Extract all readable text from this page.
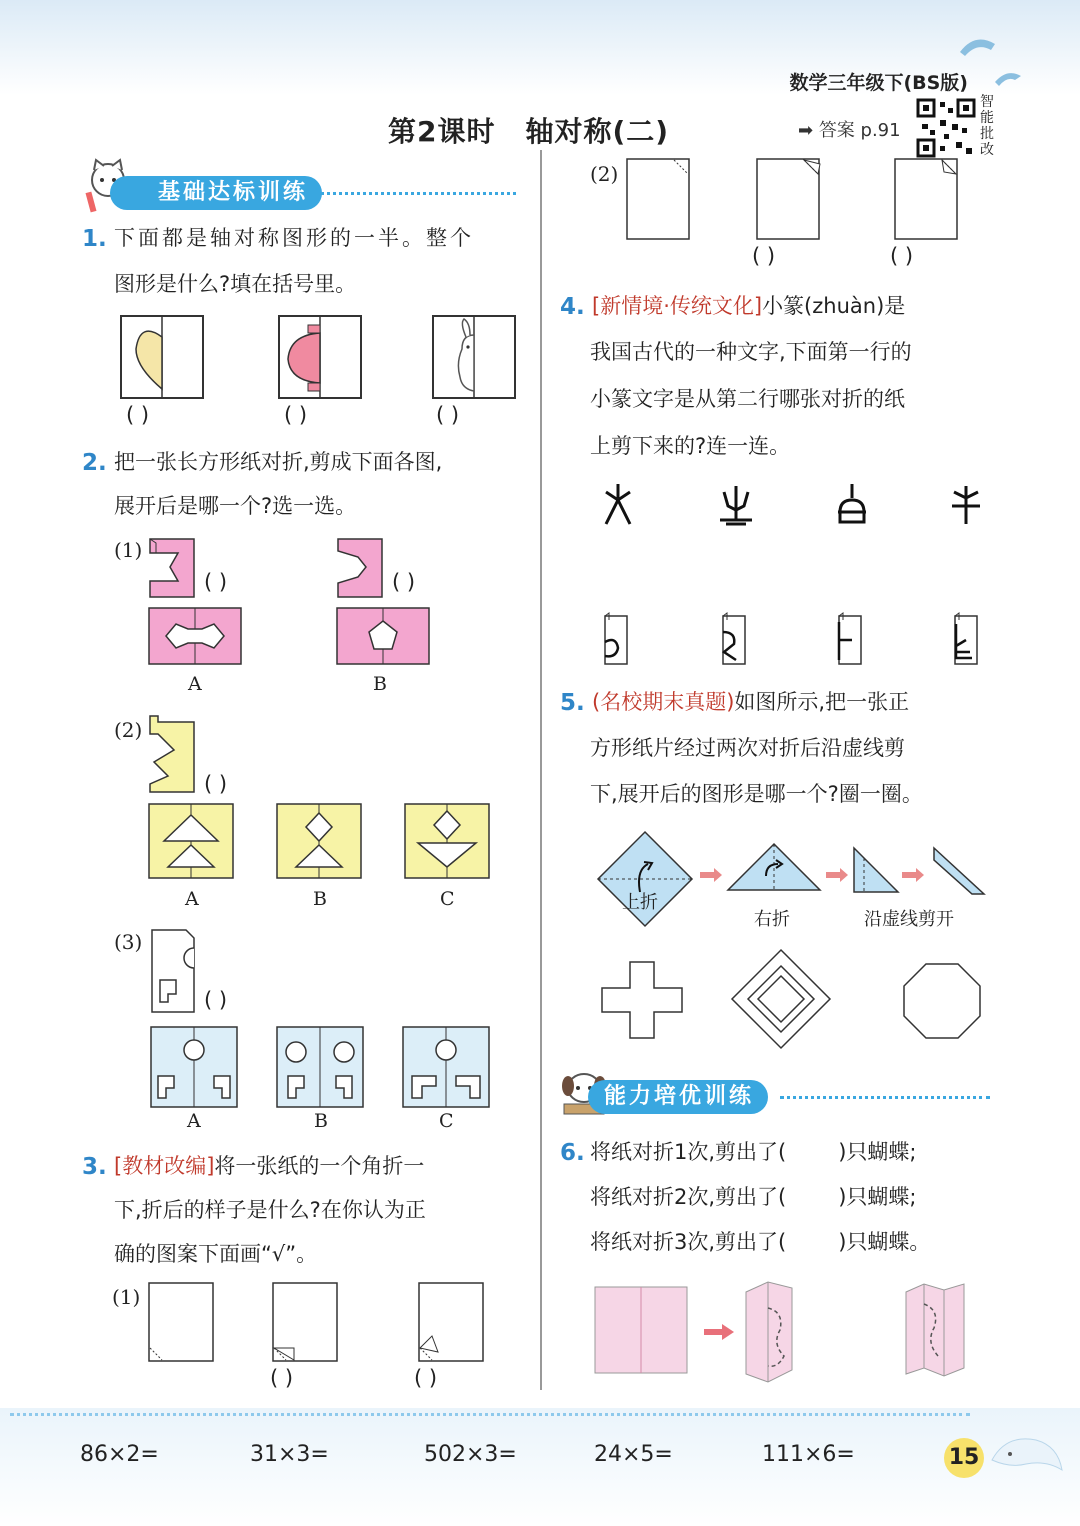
数学三年级下(BS版)
第2课时 轴对称(二)	➡ 答案 p.91
智能批改
基础达标训练
1. 下面都是轴对称图形的一半。整个
图形是什么?填在括号里。
( )	( )	( )
2. 把一张长方形纸对折,剪成下面各图,
展开后是哪一个?选一选。
(1)
( )	( )
A	B
(2)
( )
A	B	C
(3)
( )
A	B	C
3. [教材改编]将一张纸的一个角折一
下,折后的样子是什么?在你认为正
确的图案下面画“√”。
(1)
( )	( )
(2)
( )	( )
4. [新情境·传统文化]小篆(zhuàn)是
我国古代的一种文字,下面第一行的
小篆文字是从第二行哪张对折的纸
上剪下来的?连一连。
5. (名校期末真题)如图所示,把一张正
方形纸片经过两次对折后沿虚线剪
下,展开后的图形是哪一个?圈一圈。
上折
右折	沿虚线剪开
能力培优训练
6. 将纸对折1次,剪出了( )只蝴蝶;
将纸对折2次,剪出了( )只蝴蝶;
将纸对折3次,剪出了( )只蝴蝶。
86×2=	31×3=	502×3=	24×5=	111×6=	15
